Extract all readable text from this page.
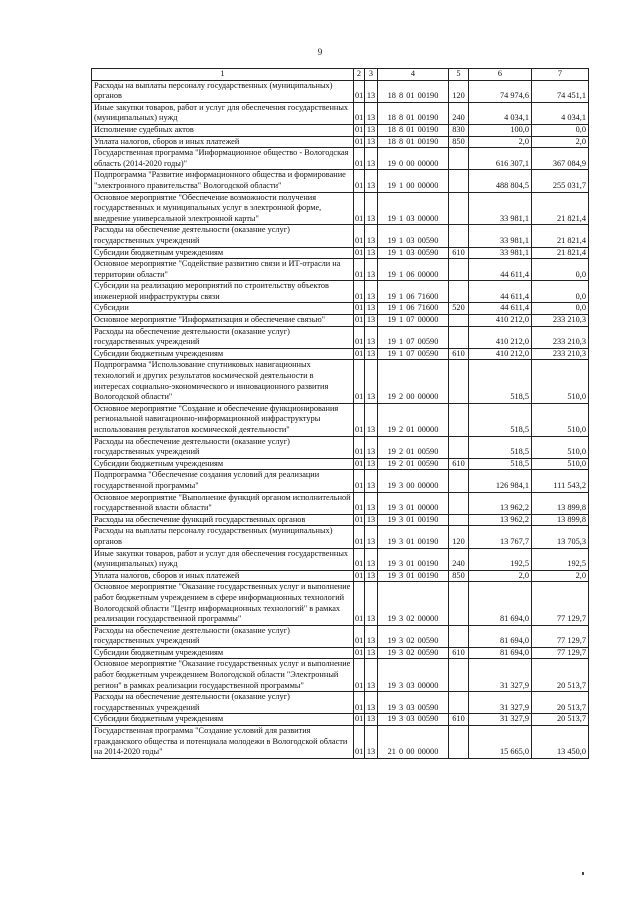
9
1	2	3	4	5	6	7
Расходы на выплаты персоналу государственных (муниципальных) органов	01	13	18 8 01 00190	120	74 974,6	74 451,1
Иные закупки товаров, работ и услуг для обеспечения государственных (муниципальных) нужд	01	13	18 8 01 00190	240	4 034,1	4 034,1
Исполнение судебных актов	01	13	18 8 01 00190	830	100,0	0,0
Уплата налогов, сборов и иных платежей	01	13	18 8 01 00190	850	2,0	2,0
Государственная программа "Информационное общество - Вологодская область (2014-2020 годы)"	01	13	19 0 00 00000		616 307,1	367 084,9
Подпрограмма "Развитие информационного общества и формирование "электронного правительства" Вологодской области"	01	13	19 1 00 00000		488 804,5	255 031,7
Основное мероприятие "Обеспечение возможности получения государственных и муниципальных услуг в электронной форме, внедрение универсальной электронной карты"	01	13	19 1 03 00000		33 981,1	21 821,4
Расходы на обеспечение деятельности (оказание услуг) государственных учреждений	01	13	19 1 03 00590		33 981,1	21 821,4
Субсидии бюджетным учреждениям	01	13	19 1 03 00590	610	33 981,1	21 821,4
Основное мероприятие "Содействие развитию связи и ИТ-отрасли на территории области"	01	13	19 1 06 00000		44 611,4	0,0
Субсидии на реализацию мероприятий по строительству объектов инженерной инфраструктуры связи	01	13	19 1 06 71600		44 611,4	0,0
Субсидии	01	13	19 1 06 71600	520	44 611,4	0,0
Основное мероприятие "Информатизация и обеспечение связью"	01	13	19 1 07 00000		410 212,0	233 210,3
Расходы на обеспечение деятельности (оказание услуг) государственных учреждений	01	13	19 1 07 00590		410 212,0	233 210,3
Субсидии бюджетным учреждениям	01	13	19 1 07 00590	610	410 212,0	233 210,3
Подпрограмма "Использование спутниковых навигационных технологий и других результатов космической деятельности в интересах социально-экономического и инновационного развития Вологодской области"	01	13	19 2 00 00000		518,5	510,0
Основное мероприятие "Создание и обеспечение функционирования региональной навигационно-информационной инфраструктуры использования результатов космической деятельности"	01	13	19 2 01 00000		518,5	510,0
Расходы на обеспечение деятельности (оказание услуг) государственных учреждений	01	13	19 2 01 00590		518,5	510,0
Субсидии бюджетным учреждениям	01	13	19 2 01 00590	610	518,5	510,0
Подпрограмма "Обеспечение создания условий для реализации государственной программы"	01	13	19 3 00 00000		126 984,1	111 543,2
Основное мероприятие "Выполнение функций органом исполнительной государственной власти области"	01	13	19 3 01 00000		13 962,2	13 899,8
Расходы на обеспечение функций государственных органов	01	13	19 3 01 00190		13 962,2	13 899,8
Расходы на выплаты персоналу государственных (муниципальных) органов	01	13	19 3 01 00190	120	13 767,7	13 705,3
Иные закупки товаров, работ и услуг для обеспечения государственных (муниципальных) нужд	01	13	19 3 01 00190	240	192,5	192,5
Уплата налогов, сборов и иных платежей	01	13	19 3 01 00190	850	2,0	2,0
Основное мероприятие "Оказание государственных услуг и выполнение работ бюджетным учреждением в сфере информационных технологий Вологодской области "Центр информационных технологий" в рамках реализации государственной программы"	01	13	19 3 02 00000		81 694,0	77 129,7
Расходы на обеспечение деятельности (оказание услуг) государственных учреждений	01	13	19 3 02 00590		81 694,0	77 129,7
Субсидии бюджетным учреждениям	01	13	19 3 02 00590	610	81 694,0	77 129,7
Основное мероприятие "Оказание государственных услуг и выполнение работ бюджетным учреждением Вологодской области "Электронный регион" в рамках реализации государственной программы"	01	13	19 3 03 00000		31 327,9	20 513,7
Расходы на обеспечение деятельности (оказание услуг) государственных учреждений	01	13	19 3 03 00590		31 327,9	20 513,7
Субсидии бюджетным учреждениям	01	13	19 3 03 00590	610	31 327,9	20 513,7
Государственная программа "Создание условий для развития гражданского общества и потенциала молодежи в Вологодской области на 2014-2020 годы"	01	13	21 0 00 00000		15 665,0	13 450,0
